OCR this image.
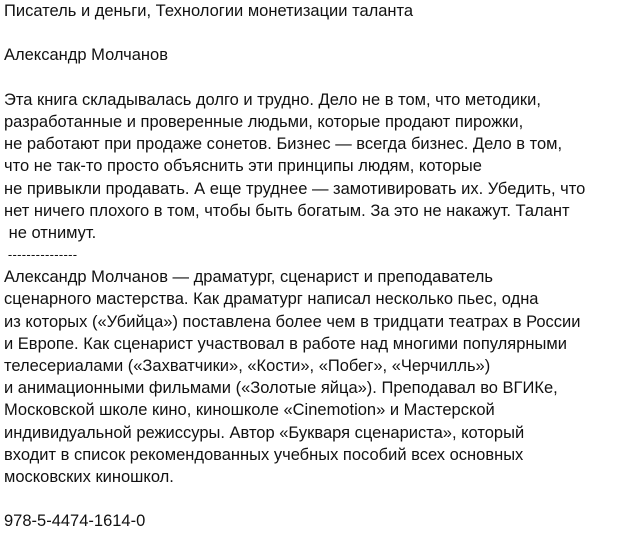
Писатель и деньги, Технологии монетизации таланта
Александр Молчанов
Эта книга складывалась долго и трудно. Дело не в том, что методики,
разработанные и проверенные людьми, которые продают пирожки,
не работают при продаже сонетов. Бизнес — всегда бизнес. Дело в том,
что не так-то просто объяснить эти принципы людям, которые
не привыкли продавать. А еще труднее — замотивировать их. Убедить, что
нет ничего плохого в том, чтобы быть богатым. За это не накажут. Талант
не отнимут.
---------------
Александр Молчанов — драматург, сценарист и преподаватель
сценарного мастерства. Как драматург написал несколько пьес, одна
из которых («Убийца») поставлена более чем в тридцати театрах в России
и Европе. Как сценарист участвовал в работе над многими популярными
телесериалами («Захватчики», «Кости», «Побег», «Черчилль»)
и анимационными фильмами («Золотые яйца»). Преподавал во ВГИКе,
Московской школе кино, киношколе «Cinemotion» и Мастерской
индивидуальной режиссуры. Автор «Букваря сценариста», который
входит в список рекомендованных учебных пособий всех основных
московских киношкол.
978-5-4474-1614-0
